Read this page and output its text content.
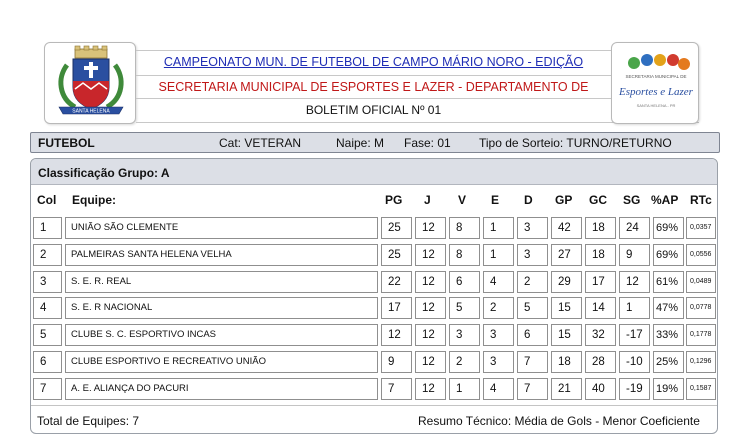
SANTA HELENA
CAMPEONATO MUN. DE FUTEBOL DE CAMPO MÁRIO NORO - EDIÇÃO
SECRETARIA MUNICIPAL DE ESPORTES E LAZER - DEPARTAMENTO DE
BOLETIM OFICIAL Nº 01
SECRETARIA MUNICIPAL DE
Esportes e Lazer
SANTA HELENA - PR
FUTEBOL	Cat: VETERAN	Naipe: M Fase: 01 Tipo de Sorteio: TURNO/RETURNO
Classificação Grupo: A
Col Equipe:	PG J V E D GP GC SG %AP RTc
1	UNIÃO SÃO CLEMENTE	25	12	8	1	3	42	18	24	69%	0,0357
2	PALMEIRAS SANTA HELENA VELHA	25	12	8	1	3	27	18	9	69%	0,0556
3	S. E. R. REAL	22	12	6	4	2	29	17	12	61%	0,0489
4	S. E. R NACIONAL	17	12	5	2	5	15	14	1	47%	0,0778
5	CLUBE S. C. ESPORTIVO INCAS	12	12	3	3	6	15	32	-17	33%	0,1778
6	CLUBE ESPORTIVO E RECREATIVO UNIÃO	9	12	2	3	7	18	28	-10	25%	0,1296
7	A. E. ALIANÇA DO PACURI	7	12	1	4	7	21	40	-19	19%	0,1587
Total de Equipes: 7	Resumo Técnico: Média de Gols - Menor Coeficiente
